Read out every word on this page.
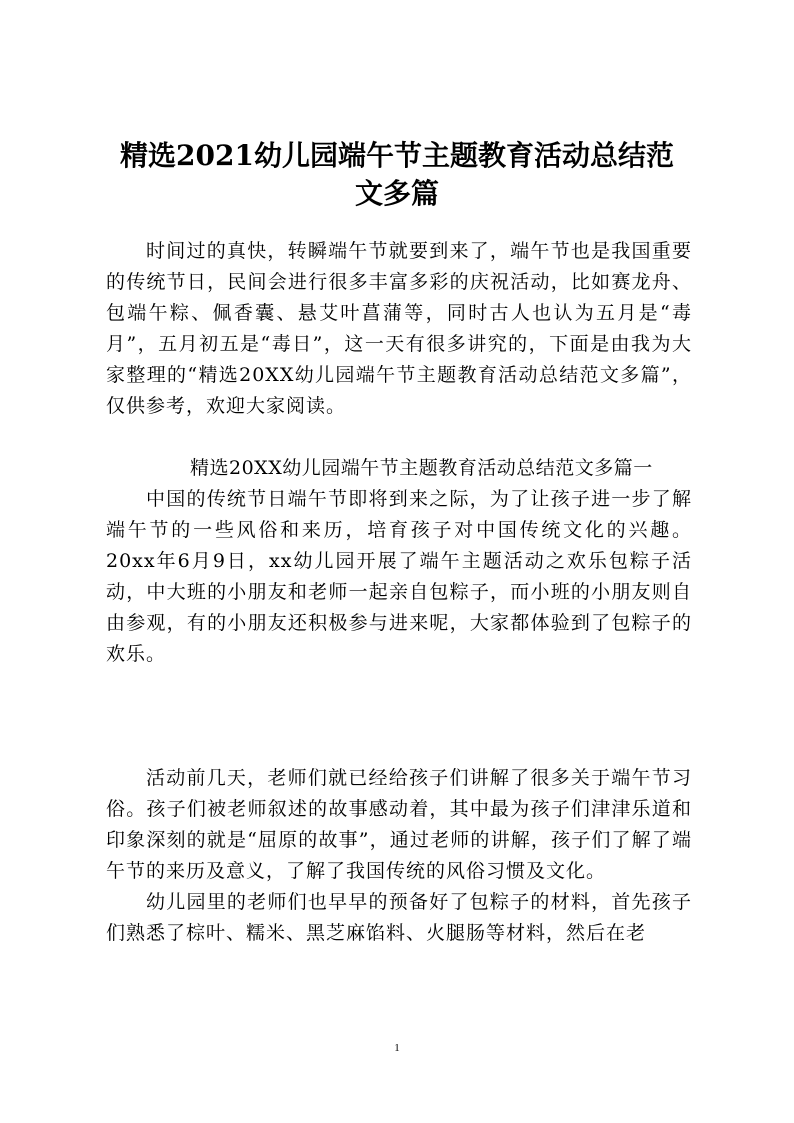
精选2021幼儿园端午节主题教育活动总结范
文多篇

时间过的真快，转瞬端午节就要到来了，端午节也是我国重要的传统节日，民间会进行很多丰富多彩的庆祝活动，比如赛龙舟、包端午粽、佩香囊、悬艾叶菖蒲等，同时古人也认为五月是“毒月”，五月初五是“毒日”，这一天有很多讲究的，下面是由我为大家整理的“精选20XX幼儿园端午节主题教育活动总结范文多篇”，仅供参考，欢迎大家阅读。

精选20XX幼儿园端午节主题教育活动总结范文多篇一

中国的传统节日端午节即将到来之际，为了让孩子进一步了解端午节的一些风俗和来历，培育孩子对中国传统文化的兴趣。20xx年6月9日，xx幼儿园开展了端午主题活动之欢乐包粽子活动，中大班的小朋友和老师一起亲自包粽子，而小班的小朋友则自由参观，有的小朋友还积极参与进来呢，大家都体验到了包粽子的欢乐。

活动前几天，老师们就已经给孩子们讲解了很多关于端午节习俗。孩子们被老师叙述的故事感动着，其中最为孩子们津津乐道和印象深刻的就是“屈原的故事”，通过老师的讲解，孩子们了解了端午节的来历及意义，了解了我国传统的风俗习惯及文化。

幼儿园里的老师们也早早的预备好了包粽子的材料，首先孩子们熟悉了棕叶、糯米、黑芝麻馅料、火腿肠等材料，然后在老

1
